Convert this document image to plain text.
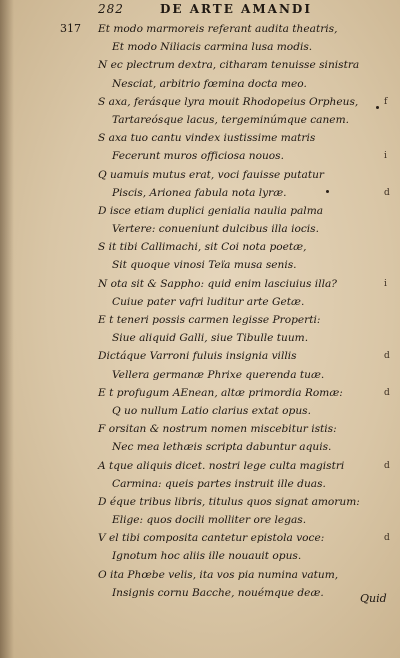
282	DE ARTE AMANDI
317 Et modo marmoreis referant audita theatris,
Et modo Niliacis carmina lusa modis.
N ec plectrum dextra, citharam tenuisse sinistra
Nesciat, arbitrio fœmina docta meo.
S axa, ferásque lyra mouit Rhodopeius Orpheus,	f
Tartareósque lacus, tergeminúmque canem.
S axa tuo cantu vindex iustissime matris
Fecerunt muros officiosa nouos.	i
Q uamuis mutus erat, voci fauisse putatur
Piscis, Arionea fabula nota lyræ.	d
D isce etiam duplici genialia naulia palma
Vertere: conueniunt dulcibus illa iocis.
S it tibi Callimachi, sit Coi nota poetæ,
Sit quoque vinosi Teïa musa senis.
N ota sit & Sappho: quid enim lasciuius illa?	i
Cuiue pater vafri luditur arte Getæ.
E t teneri possis carmen legisse Properti:
Siue aliquid Galli, siue Tibulle tuum.
Dictáque Varroni fuluis insignia villis	d
Vellera germanæ Phrixe querenda tuæ.
E t profugum AEnean, altæ primordia Romæ:	d
Q uo nullum Latio clarius extat opus.
F orsitan & nostrum nomen miscebitur istis:
Nec mea lethæis scripta dabuntur aquis.
A tque aliquis dicet. nostri lege culta magistri	d
Carmina: queis partes instruit ille duas.
D éque tribus libris, titulus quos signat amorum:
Elige: quos docili molliter ore legas.
V el tibi composita cantetur epistola voce:	d
Ignotum hoc aliis ille nouauit opus.
O ita Phœbe velis, ita vos pia numina vatum,
Insignis cornu Bacche, nouémque deæ.	Quid
